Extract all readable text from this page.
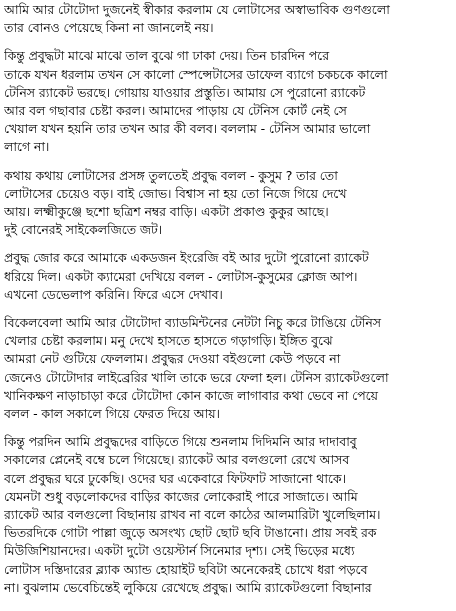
আমি আর টোটোদা দুজনেই স্বীকার করলাম যে লোটাসের অস্বাভাবিক গুণগুলো
তার বোনও পেয়েছে কিনা না জানলেই নয়।
কিন্তু প্রবুদ্ধটা মাঝে মাঝে তাল বুঝে গা ঢাকা দেয়। তিন চারদিন পরে
তাকে যখন ধরলাম তখন সে কালো স্পেন্সেটাসের ডাফেল ব্যাগে চকচকে কালো
টেনিস র‍্যাকেট ভরছে। গোয়ায় যাওয়ার প্রস্তুতি। আমায় সে পুরোনো র‍্যাকেট
আর বল গছাবার চেষ্টা করল। আমাদের পাড়ায় যে টেনিস কোর্ট নেই সে
খেয়াল যখন হয়নি তার তখন আর কী বলব। বললাম - টেনিস আমার ভালো
লাগে না।
কথায় কথায় লোটাসের প্রসঙ্গ তুলতেই প্রবুদ্ধ বলল - কুসুম ? তার তো
লোটাসের চেয়েও বড়। বাই জোভ। বিশ্বাস না হয় তো নিজে গিয়ে দেখে
আয়। লক্ষ্মীকুঞ্জে ছশো ছত্রিশ নম্বর বাড়ি। একটা প্রকাণ্ড কুকুর আছে।
দুই বোনেরই সাইকেলজিতে জট।
প্রবুদ্ধ জোর করে আমাকে একডজন ইংরেজি বই আর দুটো পুরোনো র‍্যাকেট
ধরিয়ে দিল। একটা ক্যামেরা দেখিয়ে বলল - লোটাস-কুসুমের ক্লোজ আপ।
এখনো ডেভেলাপ করিনি। ফিরে এসে দেখাব।
বিকেলবেলা আমি আর টোটোদা ব্যাডমিন্টনের নেটটা নিচু করে টাঙিয়ে টেনিস
খেলার চেষ্টা করলাম। মনু দেখে হাসতে হাসতে গড়াগড়ি। ইঙ্গিত বুঝে
আমরা নেট গুটিয়ে ফেললাম। প্রবুদ্ধর দেওয়া বইগুলো কেউ পড়বে না
জেনেও টোটোদার লাইব্রেরির খালি তাকে ভরে ফেলা হল। টেনিস র‍্যাকেটগুলো
খানিকক্ষণ নাড়াচাড়া করে টোটোদা কোন কাজে লাগাবার কথা ভেবে না পেয়ে
বলল - কাল সকালে গিয়ে ফেরত দিয়ে আয়।
কিন্তু পরদিন আমি প্রবুদ্ধদের বাড়িতে গিয়ে শুনলাম দিদিমনি আর দাদাবাবু
সকালের প্লেনেই বম্বে চলে গিয়েছে। র‍্যাকেট আর বলগুলো রেখে আসব
বলে প্রবুদ্ধর ঘরে ঢুকেছি। ওদের ঘর একেবারে ফিটফাট সাজানো থাকে।
যেমনটা শুধু বড়লোকদের বাড়ির কাজের লোকেরাই পারে সাজাতে। আমি
র‍্যাকেট আর বলগুলো বিছানায় রাখব না বলে কাঠের আলমারিটা খুলেছিলাম।
ভিতরদিকে গোটা পাল্লা জুড়ে অসংখ্য ছোট ছোট ছবি টাঙানো। প্রায় সবই রক
মিউজিশিয়ানদের। একটা দুটো ওয়েস্টার্ন সিনেমার দৃশ্য। সেই ভিড়ের মধ্যে
লোটাস দস্তিদারের ব্ল্যাক অ্যান্ড হোয়াইট ছবিটা অনেকেরই চোখে ধরা পড়বে
না। বুঝলাম ভেবেচিন্তেই লুকিয়ে রেখেছে প্রবুদ্ধ। আমি র‍্যাকেটগুলো বিছানার
